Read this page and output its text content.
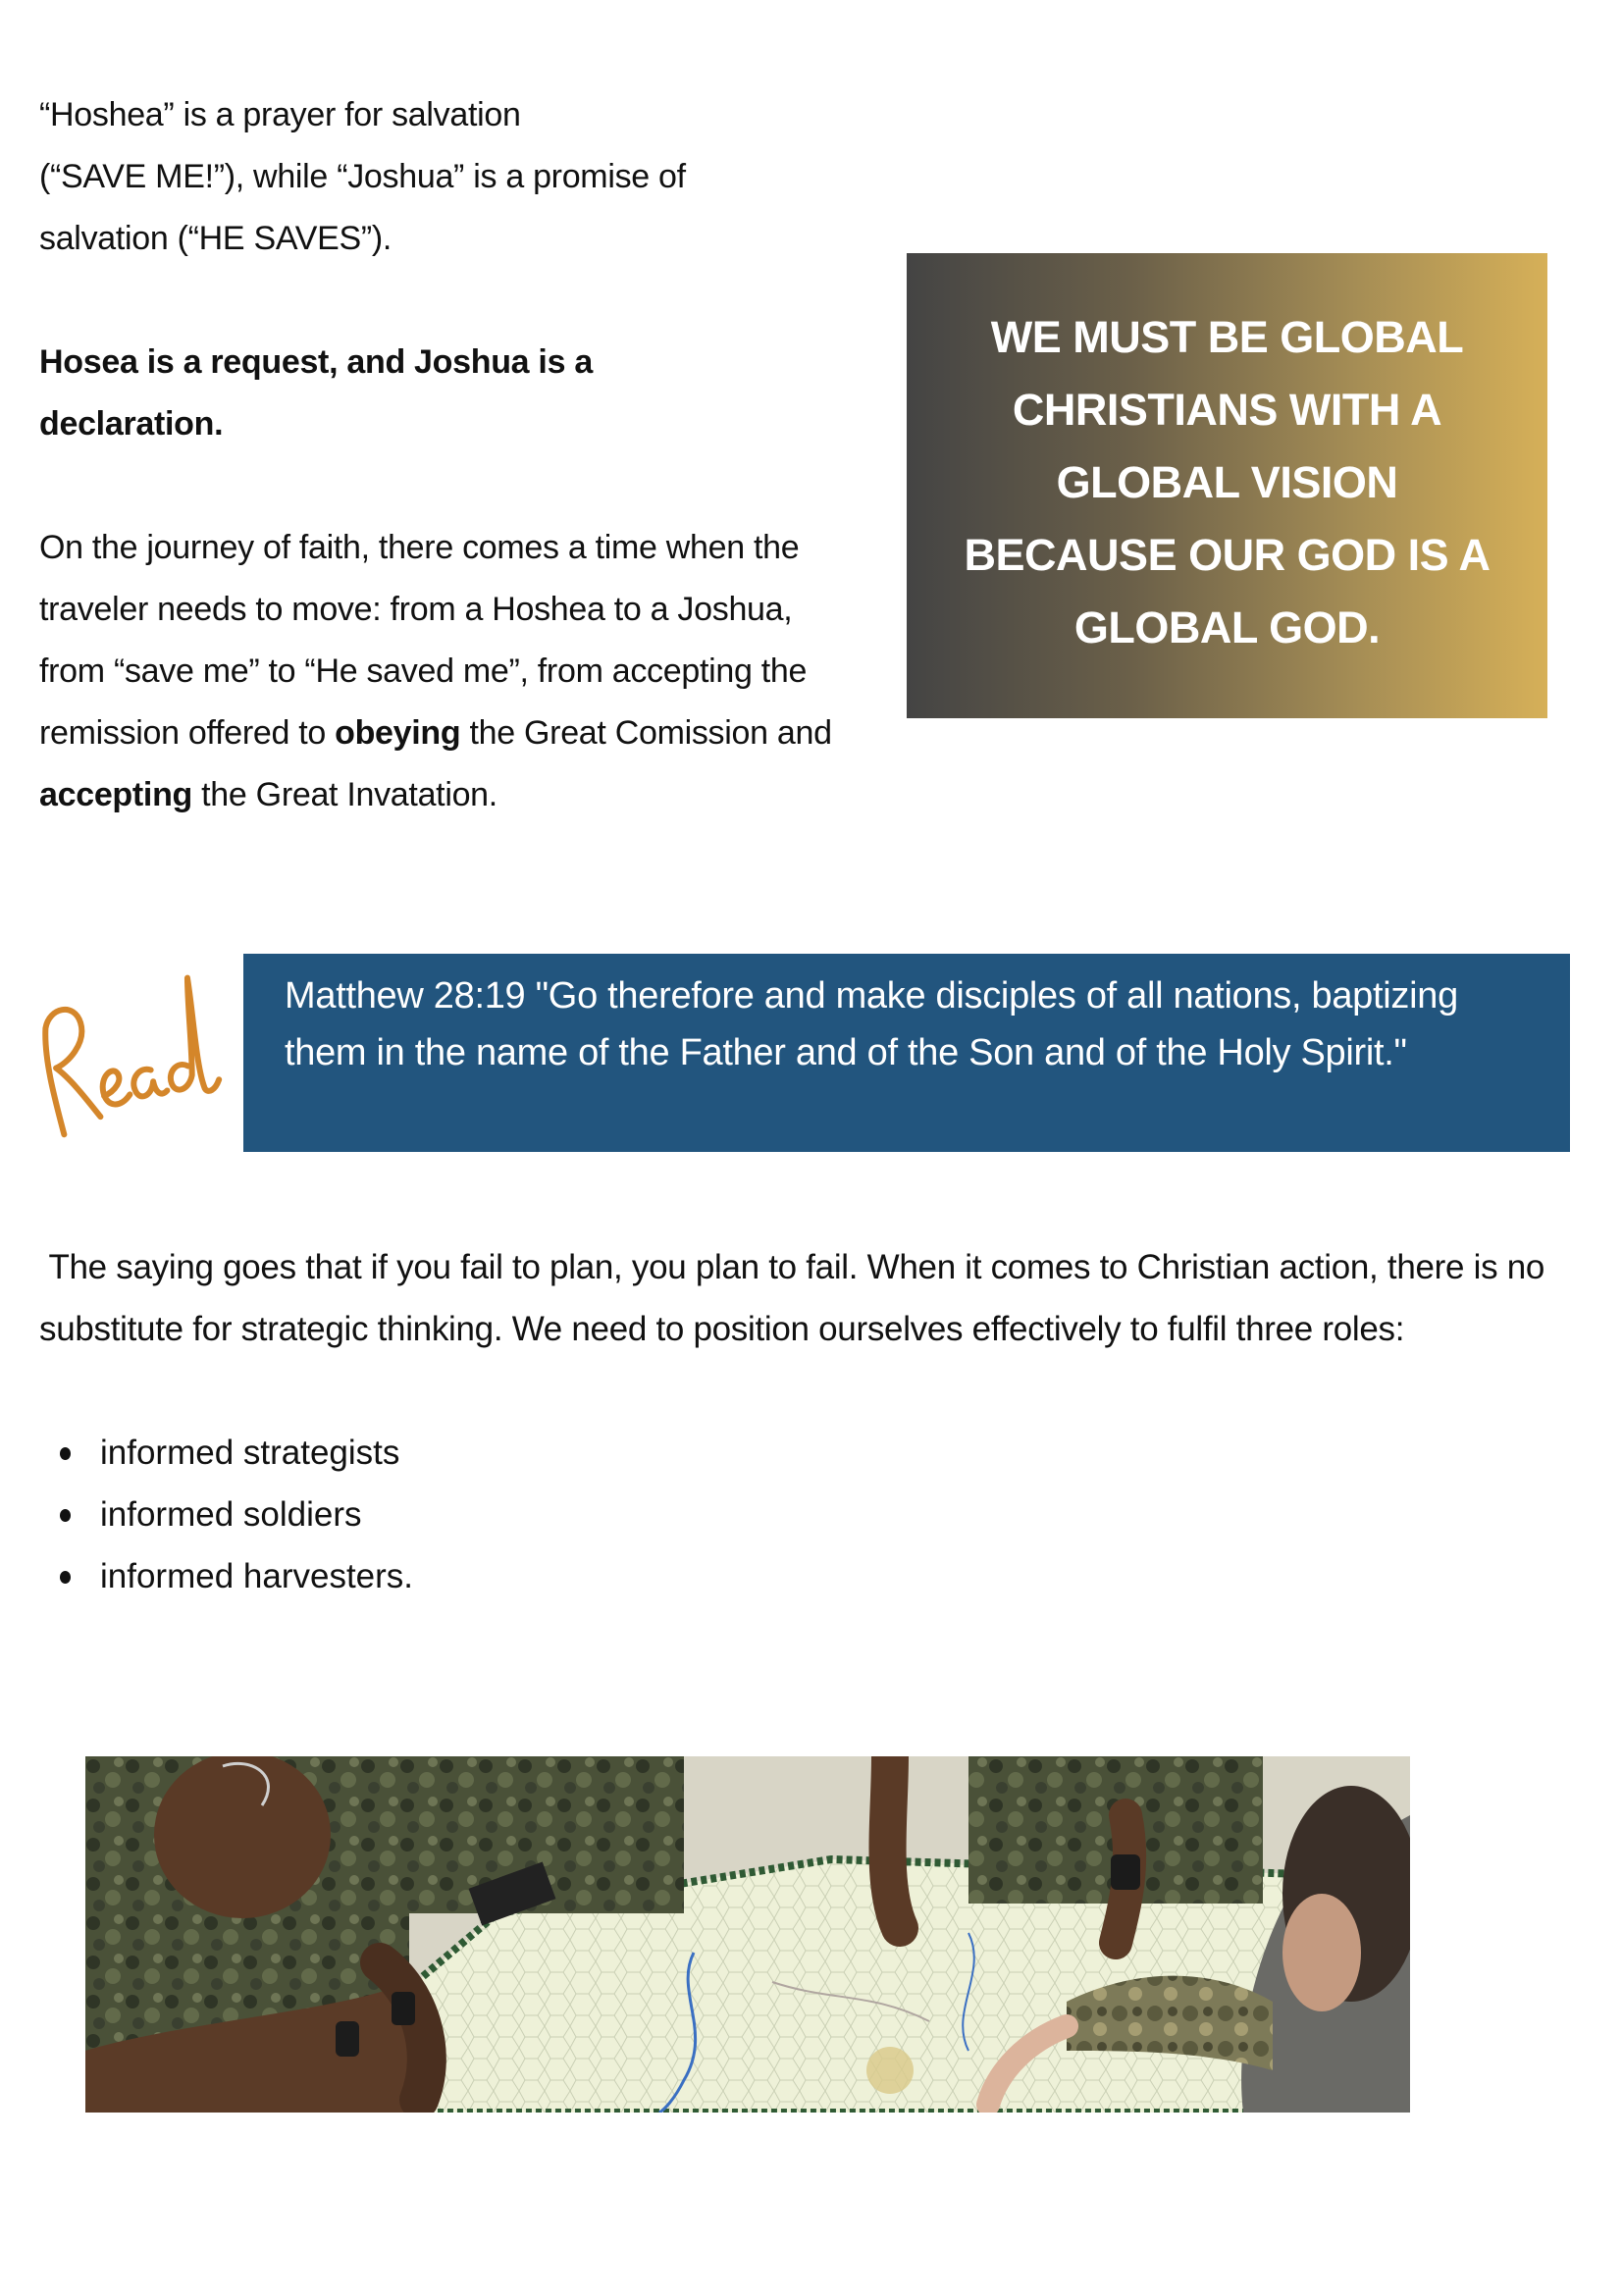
“Hoshea” is a prayer for salvation
(“SAVE ME!”), while “Joshua” is a promise of
salvation (“HE SAVES”).
Hosea is a request, and Joshua is a
declaration.
On the journey of faith, there comes a time when the traveler needs to move: from a Hoshea to a Joshua, from “save me” to “He saved me”, from accepting the remission offered to obeying the Great Comission and accepting the Great Invatation.
WE MUST BE GLOBAL CHRISTIANS WITH A GLOBAL VISION BECAUSE OUR GOD IS A GLOBAL GOD.
Matthew 28:19 "Go therefore and make disciples of all nations, baptizing them in the name of the Father and of the Son and of the Holy Spirit."
The saying goes that if you fail to plan, you plan to fail. When it comes to Christian action, there is no substitute for strategic thinking. We need to position ourselves effectively to fulfil three roles:
informed strategists
informed soldiers
informed harvesters.
